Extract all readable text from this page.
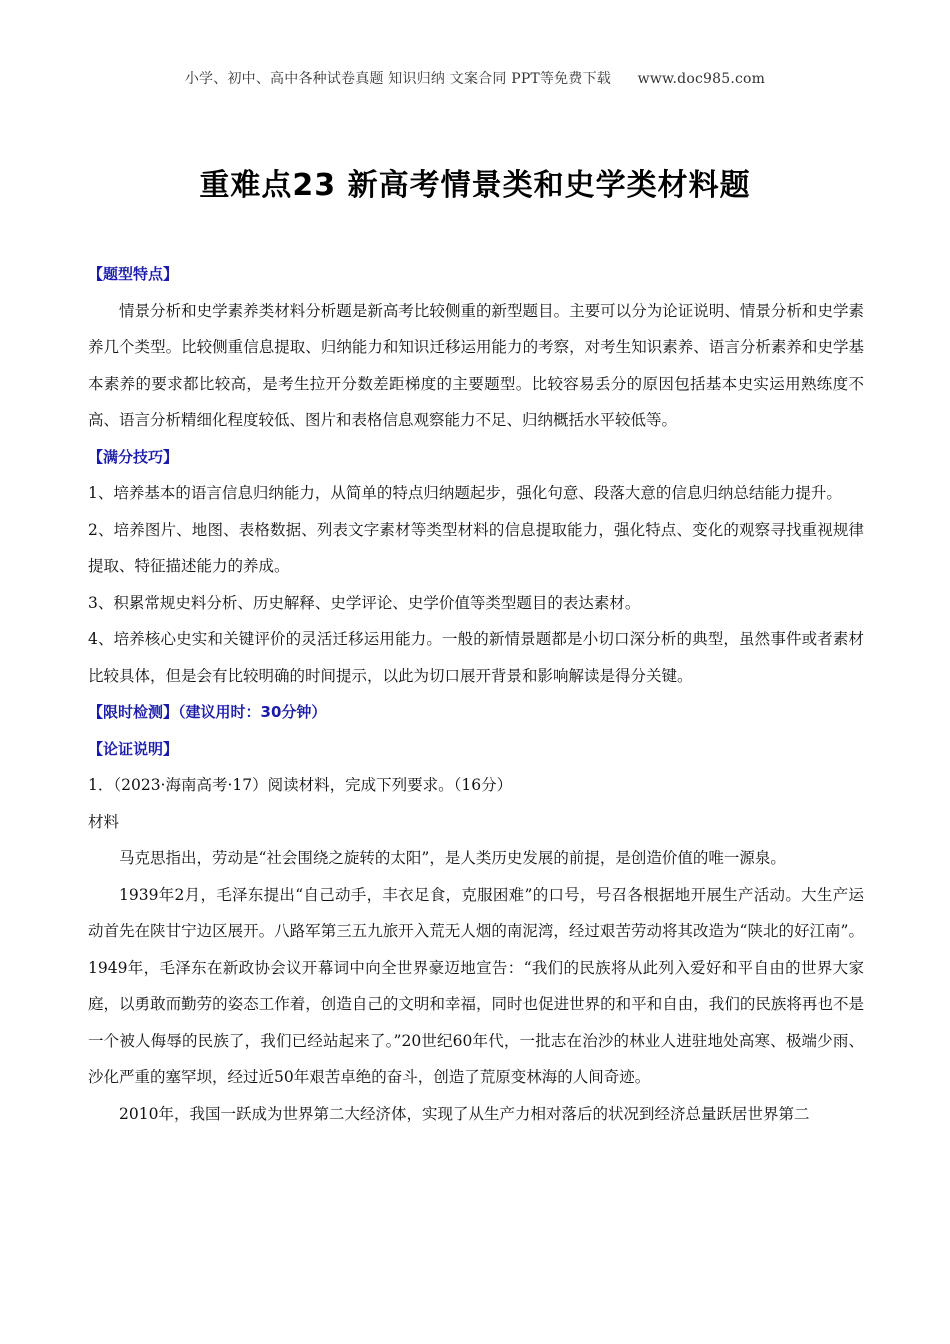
小学、初中、高中各种试卷真题 知识归纳 文案合同 PPT等免费下载 www.doc985.com
重难点23 新高考情景类和史学类材料题

【题型特点】

情景分析和史学素养类材料分析题是新高考比较侧重的新型题目。主要可以分为论证说明、情景分析和史学素养几个类型。比较侧重信息提取、归纳能力和知识迁移运用能力的考察，对考生知识素养、语言分析素养和史学基本素养的要求都比较高，是考生拉开分数差距梯度的主要题型。比较容易丢分的原因包括基本史实运用熟练度不高、语言分析精细化程度较低、图片和表格信息观察能力不足、归纳概括水平较低等。

【满分技巧】

1、培养基本的语言信息归纳能力，从简单的特点归纳题起步，强化句意、段落大意的信息归纳总结能力提升。

2、培养图片、地图、表格数据、列表文字素材等类型材料的信息提取能力，强化特点、变化的观察寻找重视规律提取、特征描述能力的养成。

3、积累常规史料分析、历史解释、史学评论、史学价值等类型题目的表达素材。

4、培养核心史实和关键评价的灵活迁移运用能力。一般的新情景题都是小切口深分析的典型，虽然事件或者素材比较具体，但是会有比较明确的时间提示，以此为切口展开背景和影响解读是得分关键。

【限时检测】（建议用时：30分钟）

【论证说明】

1．（2023·海南高考·17）阅读材料，完成下列要求。（16分）

材料

马克思指出，劳动是“社会围绕之旋转的太阳”，是人类历史发展的前提，是创造价值的唯一源泉。

1939年2月，毛泽东提出“自己动手，丰衣足食，克服困难”的口号，号召各根据地开展生产活动。大生产运动首先在陕甘宁边区展开。八路军第三五九旅开入荒无人烟的南泥湾，经过艰苦劳动将其改造为“陕北的好江南”。1949年，毛泽东在新政协会议开幕词中向全世界豪迈地宣告：“我们的民族将从此列入爱好和平自由的世界大家庭，以勇敢而勤劳的姿态工作着，创造自己的文明和幸福，同时也促进世界的和平和自由，我们的民族将再也不是一个被人侮辱的民族了，我们已经站起来了。”20世纪60年代，一批志在治沙的林业人进驻地处高寒、极端少雨、沙化严重的塞罕坝，经过近50年艰苦卓绝的奋斗，创造了荒原变林海的人间奇迹。

2010年，我国一跃成为世界第二大经济体，实现了从生产力相对落后的状况到经济总量跃居世界第二
